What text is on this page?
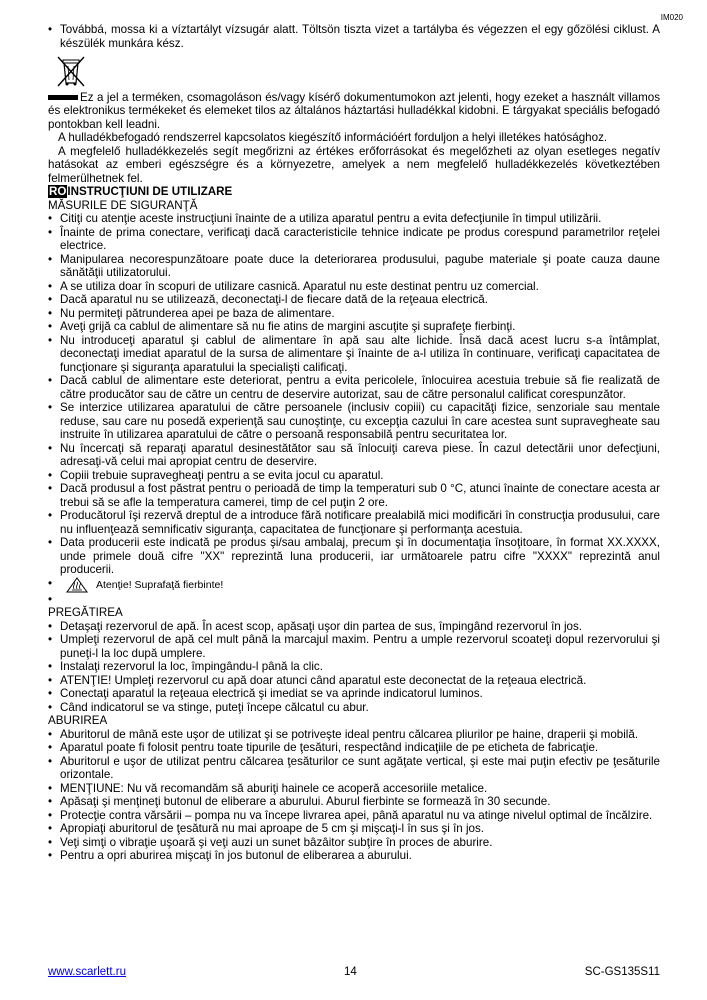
IM020
• Továbbá, mossa ki a víztartályt vízsugár alatt. Töltsön tiszta vizet a tartályba és végezzen el egy gőzölési ciklust. A készülék munkára kész.
Ez a jel a terméken, csomagoláson és/vagy kísérő dokumentumokon azt jelenti, hogy ezeket a használt villamos és elektronikus termékeket és elemeket tilos az általános háztartási hulladékkal kidobni. E tárgyakat speciális befogadó pontokban kell leadni.
A hulladékbefogadó rendszerrel kapcsolatos kiegészítő információért forduljon a helyi illetékes hatósághoz.
A megfelelő hulladékkezelés segít megőrizni az értékes erőforrásokat és megelőzheti az olyan esetleges negatív hatásokat az emberi egészségre és a környezetre, amelyek a nem megfelelő hulladékkezelés következtében felmerülhetnek fel.
ROINSTRUCŢIUNI DE UTILIZARE
MĂSURILE DE SIGURANŢĂ
• Citiţi cu atenţie aceste instrucţiuni înainte de a utiliza aparatul pentru a evita defecţiunile în timpul utilizării.
• Înainte de prima conectare, verificaţi dacă caracteristicile tehnice indicate pe produs corespund parametrilor reţelei electrice.
• Manipularea necorespunzătoare poate duce la deteriorarea produsului, pagube materiale şi poate cauza daune sănătăţii utilizatorului.
• A se utiliza doar în scopuri de utilizare casnică. Aparatul nu este destinat pentru uz comercial.
• Dacă aparatul nu se utilizează, deconectaţi-l de fiecare dată de la reţeaua electrică.
• Nu permiteţi pătrunderea apei pe baza de alimentare.
• Aveţi grijă ca cablul de alimentare să nu fie atins de margini ascuţite şi suprafeţe fierbinţi.
• Nu introduceţi aparatul şi cablul de alimentare în apă sau alte lichide. Însă dacă acest lucru s-a întâmplat, deconectaţi imediat aparatul de la sursa de alimentare şi înainte de a-l utiliza în continuare, verificaţi capacitatea de funcţionare şi siguranţa aparatului la specialişti calificaţi.
• Dacă cablul de alimentare este deteriorat, pentru a evita pericolele, înlocuirea acestuia trebuie să fie realizată de către producător sau de către un centru de deservire autorizat, sau de către personalul calificat corespunzător.
• Se interzice utilizarea aparatului de către persoanele (inclusiv copiii) cu capacităţi fizice, senzoriale sau mentale reduse, sau care nu posedă experienţă sau cunoştinţe, cu excepţia cazului în care acestea sunt supravegheate sau instruite în utilizarea aparatului de către o persoană responsabilă pentru securitatea lor.
• Nu încercaţi să reparaţi aparatul desinestătător sau să înlocuiţi careva piese. În cazul detectării unor defecţiuni, adresaţi-vă celui mai apropiat centru de deservire.
• Copiii trebuie supravegheaţi pentru a se evita jocul cu aparatul.
• Dacă produsul a fost păstrat pentru o perioadă de timp la temperaturi sub 0 °C, atunci înainte de conectare acesta ar trebui să se afle la temperatura camerei, timp de cel puţin 2 ore.
• Producătorul îşi rezervă dreptul de a introduce fără notificare prealabilă mici modificări în construcţia produsului, care nu influenţează semnificativ siguranţa, capacitatea de funcţionare şi performanţa acestuia.
• Data producerii este indicată pe produs şi/sau ambalaj, precum şi în documentaţia însoţitoare, în format XX.XXXX, unde primele două cifre "XX" reprezintă luna producerii, iar următoarele patru cifre "XXXX" reprezintă anul producerii.
• Atenţie! Suprafaţă fierbinte!
•
PREGĂTIREA
• Detaşaţi rezervorul de apă. În acest scop, apăsaţi uşor din partea de sus, împingând rezervorul în jos.
• Umpleţi rezervorul de apă cel mult până la marcajul maxim. Pentru a umple rezervorul scoateţi dopul rezervorului şi puneţi-l la loc după umplere.
• Instalaţi rezervorul la loc, împingându-l până la clic.
• ATENŢIE! Umpleţi rezervorul cu apă doar atunci când aparatul este deconectat de la reţeaua electrică.
• Conectaţi aparatul la reţeaua electrică şi imediat se va aprinde indicatorul luminos.
• Când indicatorul se va stinge, puteţi începe călcatul cu abur.
ABURIREA
• Aburitorul de mână este uşor de utilizat şi se potriveşte ideal pentru călcarea pliurilor pe haine, draperii şi mobilă.
• Aparatul poate fi folosit pentru toate tipurile de ţesături, respectând indicaţiile de pe eticheta de fabricaţie.
• Aburitorul e uşor de utilizat pentru călcarea ţesăturilor ce sunt agăţate vertical, şi este mai puţin efectiv pe ţesăturile orizontale.
• MENŢIUNE: Nu vă recomandăm să aburiţi hainele ce acoperă accesoriile metalice.
• Apăsaţi şi menţineţi butonul de eliberare a aburului. Aburul fierbinte se formează în 30 secunde.
• Protecţie contra vărsării – pompa nu va începe livrarea apei, până aparatul nu va atinge nivelul optimal de încălzire.
• Apropiaţi aburitorul de ţesătură nu mai aproape de 5 cm şi mişcaţi-l în sus şi în jos.
• Veţi simţi o vibraţie uşoară şi veţi auzi un sunet bâzâitor subţire în proces de aburire.
• Pentru a opri aburirea mişcaţi în jos butonul de eliberarea a aburului.
www.scarlett.ru	14	SC-GS135S11
